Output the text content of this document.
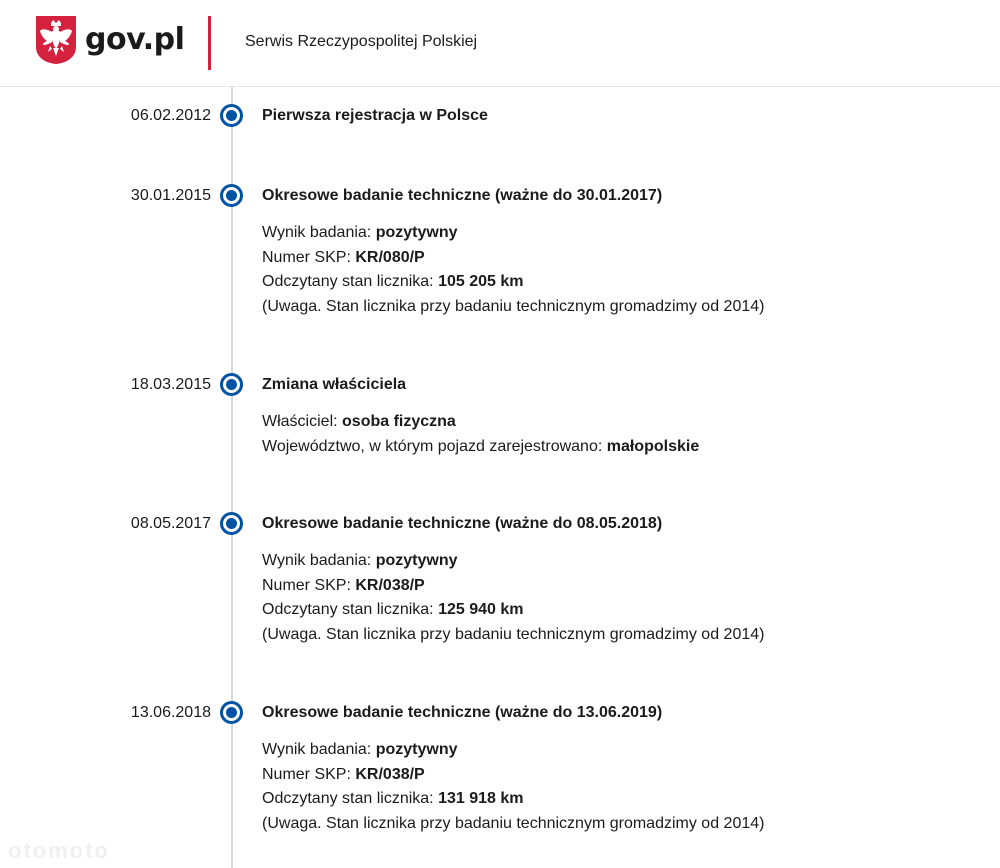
gov.pl	Serwis Rzeczypospolitej Polskiej
06.02.2012	Pierwsza rejestracja w Polsce
30.01.2015	Okresowe badanie techniczne (ważne do 30.01.2017)
Wynik badania: pozytywny
Numer SKP: KR/080/P
Odczytany stan licznika: 105 205 km
(Uwaga. Stan licznika przy badaniu technicznym gromadzimy od 2014)
18.03.2015	Zmiana właściciela
Właściciel: osoba fizyczna
Województwo, w którym pojazd zarejestrowano: małopolskie
08.05.2017	Okresowe badanie techniczne (ważne do 08.05.2018)
Wynik badania: pozytywny
Numer SKP: KR/038/P
Odczytany stan licznika: 125 940 km
(Uwaga. Stan licznika przy badaniu technicznym gromadzimy od 2014)
13.06.2018	Okresowe badanie techniczne (ważne do 13.06.2019)
Wynik badania: pozytywny
Numer SKP: KR/038/P
Odczytany stan licznika: 131 918 km
(Uwaga. Stan licznika przy badaniu technicznym gromadzimy od 2014)
otomoto
